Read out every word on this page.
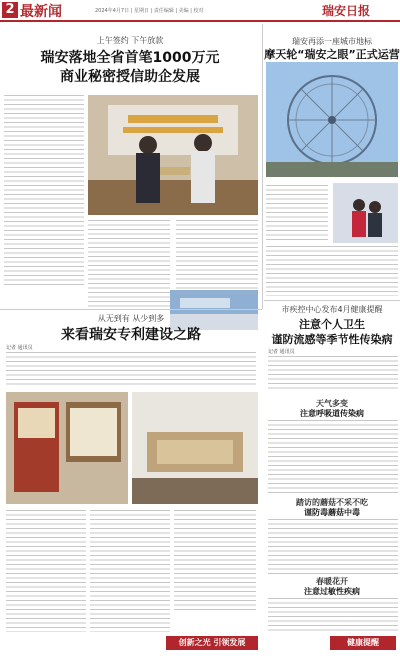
2 最新闻	2024年4月7日 | 星期日 | 责任编辑 | 美编 | 校对	瑞安日报
上午签约 下午放款
瑞安落地全省首笔1000万元
商业秘密授信助企发展
瑞安再添一座城市地标
摩天轮“瑞安之眼”正式运营
从无到有 从少到多
来看瑞安专利建设之路
记者 通讯员
创新之光 引领发展
市疾控中心发布4月健康提醒
注意个人卫生
谨防流感等季节性传染病
记者 通讯员
天气多变
注意呼吸道传染病
踏访的蘑菇不采不吃
谨防毒蘑菇中毒
春暖花开
注意过敏性疾病
健康提醒
